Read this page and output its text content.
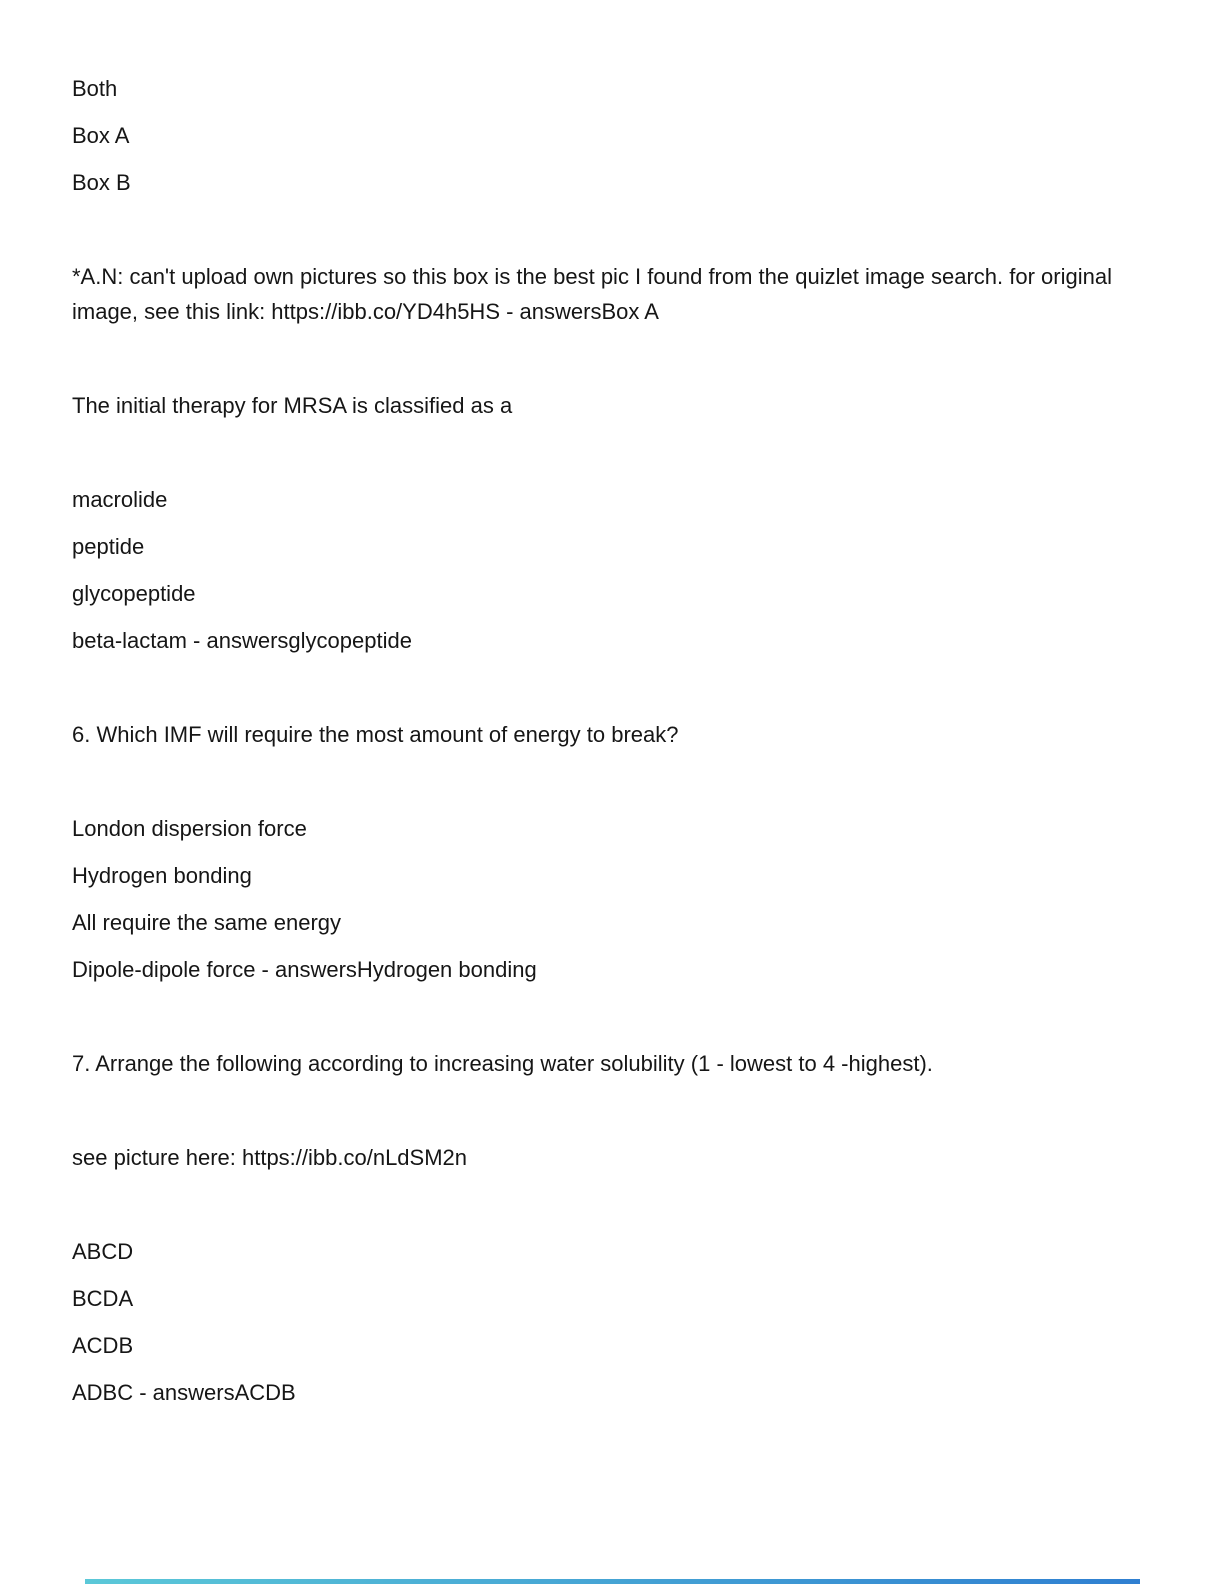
Both

Box A

Box B

*A.N: can't upload own pictures so this box is the best pic I found from the quizlet image search. for original image, see this link: https://ibb.co/YD4h5HS - answersBox A

The initial therapy for MRSA is classified as a

macrolide

peptide

glycopeptide

beta-lactam - answersglycopeptide

6. Which IMF will require the most amount of energy to break?

London dispersion force

Hydrogen bonding

All require the same energy

Dipole-dipole force - answersHydrogen bonding

7. Arrange the following according to increasing water solubility (1 - lowest to 4 -highest).

see picture here: https://ibb.co/nLdSM2n

ABCD

BCDA

ACDB

ADBC - answersACDB
